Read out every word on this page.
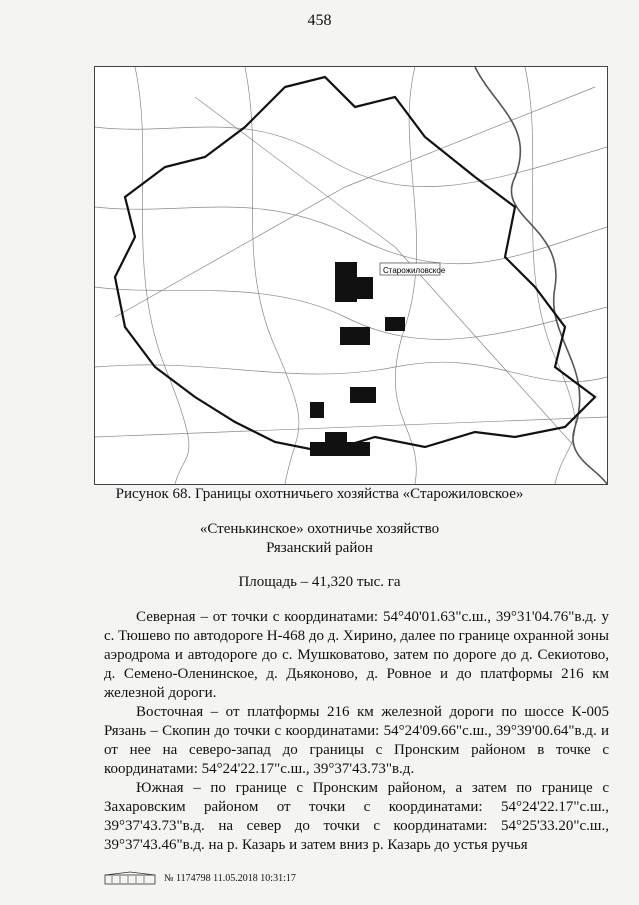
458
Старожиловское
Рисунок 68. Границы охотничьего хозяйства «Старожиловское»
«Стенькинское» охотничье хозяйство
Рязанский район
Площадь – 41,320 тыс. га

Северная – от точки с координатами: 54°40'01.63"с.ш., 39°31'04.76"в.д. у с. Тюшево по автодороге Н-468 до д. Хирино, далее по границе охранной зоны аэродрома и автодороге до с. Мушковатово, затем по дороге до д. Секиотово, д. Семено-Оленинское, д. Дьяконово, д. Ровное и до платформы 216 км железной дороги.

Восточная – от платформы 216 км железной дороги по шоссе К-005 Рязань – Скопин до точки с координатами: 54°24'09.66"с.ш., 39°39'00.64"в.д. и от нее на северо-запад до границы с Пронским районом в точке с координатами: 54°24'22.17"с.ш., 39°37'43.73"в.д.

Южная – по границе с Пронским районом, а затем по границе с Захаровским районом от точки с координатами: 54°24'22.17"с.ш., 39°37'43.73"в.д. на север до точки с координатами: 54°25'33.20"с.ш., 39°37'43.46"в.д. на р. Казарь и затем вниз р. Казарь до устья ручья

№ 1174798 11.05.2018 10:31:17
